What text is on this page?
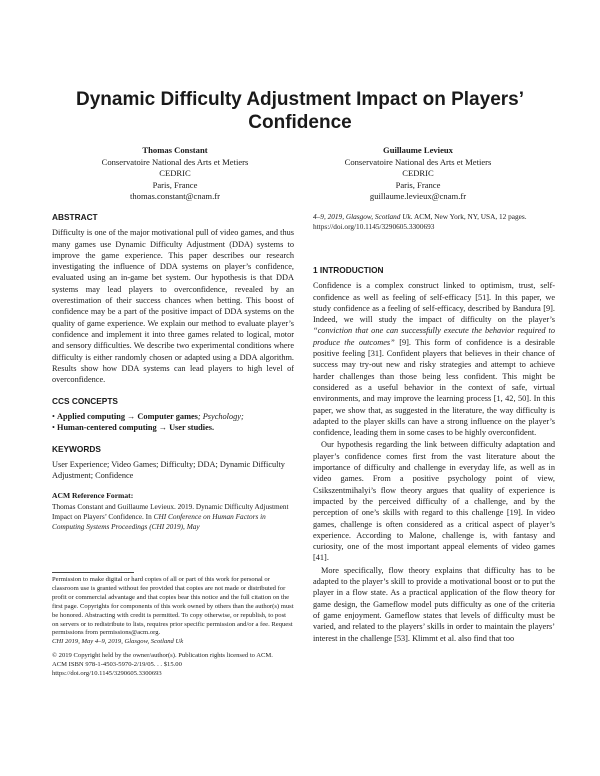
Dynamic Difficulty Adjustment Impact on Players’
Confidence
Thomas Constant
Conservatoire National des Arts et Metiers
CEDRIC
Paris, France
thomas.constant@cnam.fr
Guillaume Levieux
Conservatoire National des Arts et Metiers
CEDRIC
Paris, France
guillaume.levieux@cnam.fr
ABSTRACT

Difficulty is one of the major motivational pull of video games, and thus many games use Dynamic Difficulty Adjustment (DDA) systems to improve the game experience. This paper describes our research investigating the influence of DDA systems on player’s confidence, evaluated using an in-game bet system. Our hypothesis is that DDA systems may lead players to overconfidence, revealed by an overestimation of their success chances when betting. This boost of confidence may be a part of the positive impact of DDA systems on the quality of game experience. We explain our method to evaluate player’s confidence and implement it into three games related to logical, motor and sensory difficulties. We describe two experimental conditions where difficulty is either randomly chosen or adapted using a DDA algorithm. Results show how DDA systems can lead players to high level of overconfidence.

CCS CONCEPTS
• Applied computing → Computer games; Psychology;
• Human-centered computing → User studies.
KEYWORDS

User Experience; Video Games; Difficulty; DDA; Dynamic Difficulty Adjustment; Confidence

ACM Reference Format:

Thomas Constant and Guillaume Levieux. 2019. Dynamic Difficulty Adjustment Impact on Players’ Confidence. In CHI Conference on Human Factors in Computing Systems Proceedings (CHI 2019), May

Permission to make digital or hard copies of all or part of this work for personal or classroom use is granted without fee provided that copies are not made or distributed for profit or commercial advantage and that copies bear this notice and the full citation on the first page. Copyrights for components of this work owned by others than the author(s) must be honored. Abstracting with credit is permitted. To copy otherwise, or republish, to post on servers or to redistribute to lists, requires prior specific permission and/or a fee. Request permissions from permissions@acm.org.

CHI 2019, May 4–9, 2019, Glasgow, Scotland Uk
© 2019 Copyright held by the owner/author(s). Publication rights licensed to ACM.
ACM ISBN 978-1-4503-5970-2/19/05. . . $15.00
https://doi.org/10.1145/3290605.3300693

4–9, 2019, Glasgow, Scotland Uk. ACM, New York, NY, USA, 12 pages. https://doi.org/10.1145/3290605.3300693

1 INTRODUCTION

Confidence is a complex construct linked to optimism, trust, self-confidence as well as feeling of self-efficacy [51]. In this paper, we study confidence as a feeling of self-efficacy, described by Bandura [9]. Indeed, we will study the impact of difficulty on the player’s “conviction that one can successfully execute the behavior required to produce the outcomes” [9]. This form of confidence is a desirable positive feeling [31]. Confident players that believes in their chance of success may try-out new and risky strategies and attempt to achieve harder challenges than those being less confident. This might be considered as a useful behavior in the context of safe, virtual environments, and may improve the learning process [1, 42, 50]. In this paper, we show that, as suggested in the literature, the way difficulty is adapted to the player skills can have a strong influence on the player’s confidence, leading them in some cases to be highly overconfident.

Our hypothesis regarding the link between difficulty adaptation and player’s confidence comes first from the vast literature about the importance of difficulty and challenge in everyday life, as well as in video games. From a positive psychology point of view, Csikszentmihalyi’s flow theory argues that quality of experience is impacted by the perceived difficulty of a challenge, and by the perception of one’s skills with regard to this challenge [19]. In video games, challenge is often considered as a critical aspect of player’s experience. According to Malone, challenge is, with fantasy and curiosity, one of the most important appeal elements of video games [41].

More specifically, flow theory explains that difficulty has to be adapted to the player’s skill to provide a motivational boost or to put the player in a flow state. As a practical application of the flow theory for game design, the Gameflow model puts difficulty as one of the criteria of game enjoyment. Gameflow states that levels of difficulty must be varied, and related to the players’ skills in order to maintain the players’ interest in the challenge [53]. Klimmt et al. also find that too
